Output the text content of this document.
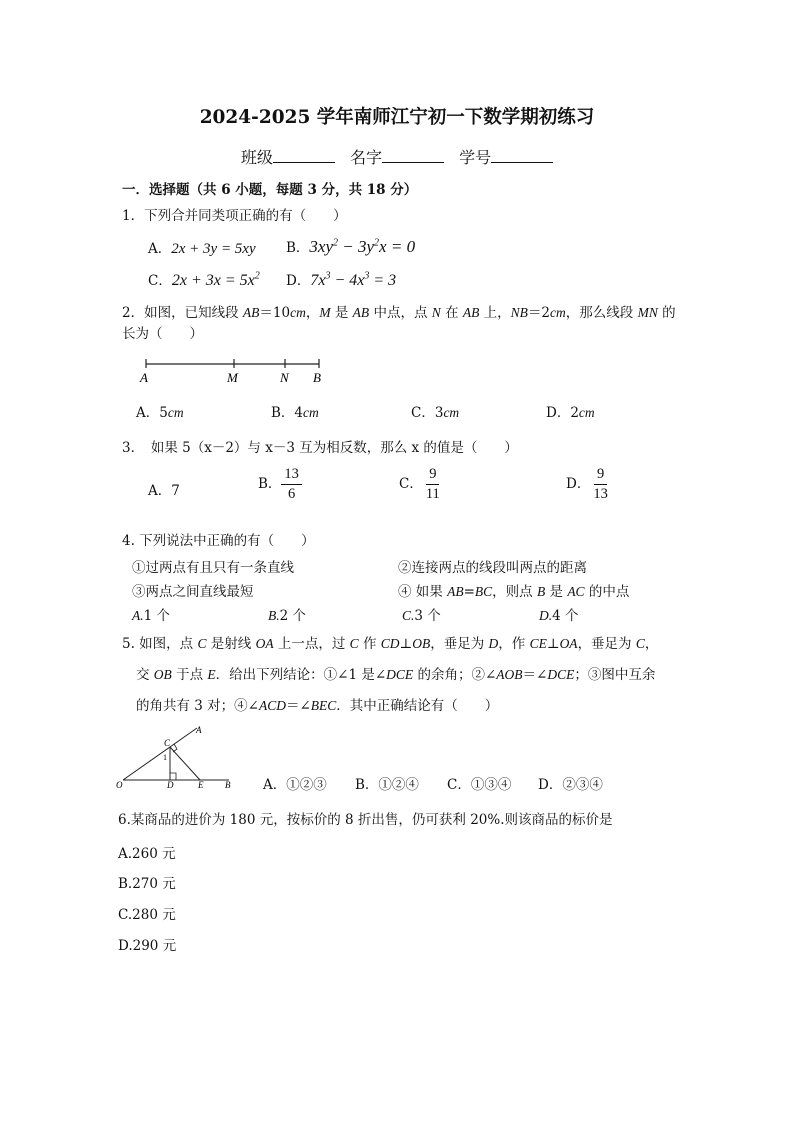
2024-2025 学年南师江宁初一下数学期初练习
班级	名字	学号
一．选择题（共 6 小题，每题 3 分，共 18 分）
1．下列合并同类项正确的有（　　）
A．2x + 3y = 5xy B．$3xy^2 - 3y^2x = 0$
C．$2x + 3x = 5x^2$ D．$7x^3 - 4x^3 = 3$
2．如图，已知线段 AB＝10cm，M 是 AB 中点，点 N 在 AB 上，NB＝2cm，那么线段 MN 的
长为（　　）
A	M	N B
A．5cm	B．4cm	C．3cm	D．2cm
3．　如果 5（x－2）与 x－3 互为相反数，那么 x 的值是（　　）
A．7	B． $\frac{13}{6}$	C． $\frac{9}{11}$	D． $\frac{9}{13}$
4. 下列说法中正确的有（　　）
①过两点有且只有一条直线	②连接两点的线段叫两点的距离
③两点之间直线最短	④ 如果 AB=BC，则点 B 是 AC 的中点
A.1 个	B.2 个	C.3 个	D.4 个
5. 如图，点 C 是射线 OA 上一点，过 C 作 CD⊥OB，垂足为 D，作 CE⊥OA，垂足为 C，
交 OB 于点 E．给出下列结论：①∠1 是∠DCE 的余角；②∠AOB＝∠DCE；③图中互余
的角共有 3 对；④∠ACD＝∠BEC．其中正确结论有（　　）
O	D	E B
C
A
1
A．①②③ B．①②④ C．①③④ D．②③④
6.某商品的进价为 180 元，按标价的 8 折出售，仍可获利 20%.则该商品的标价是
A.260 元
B.270 元
C.280 元
D.290 元
